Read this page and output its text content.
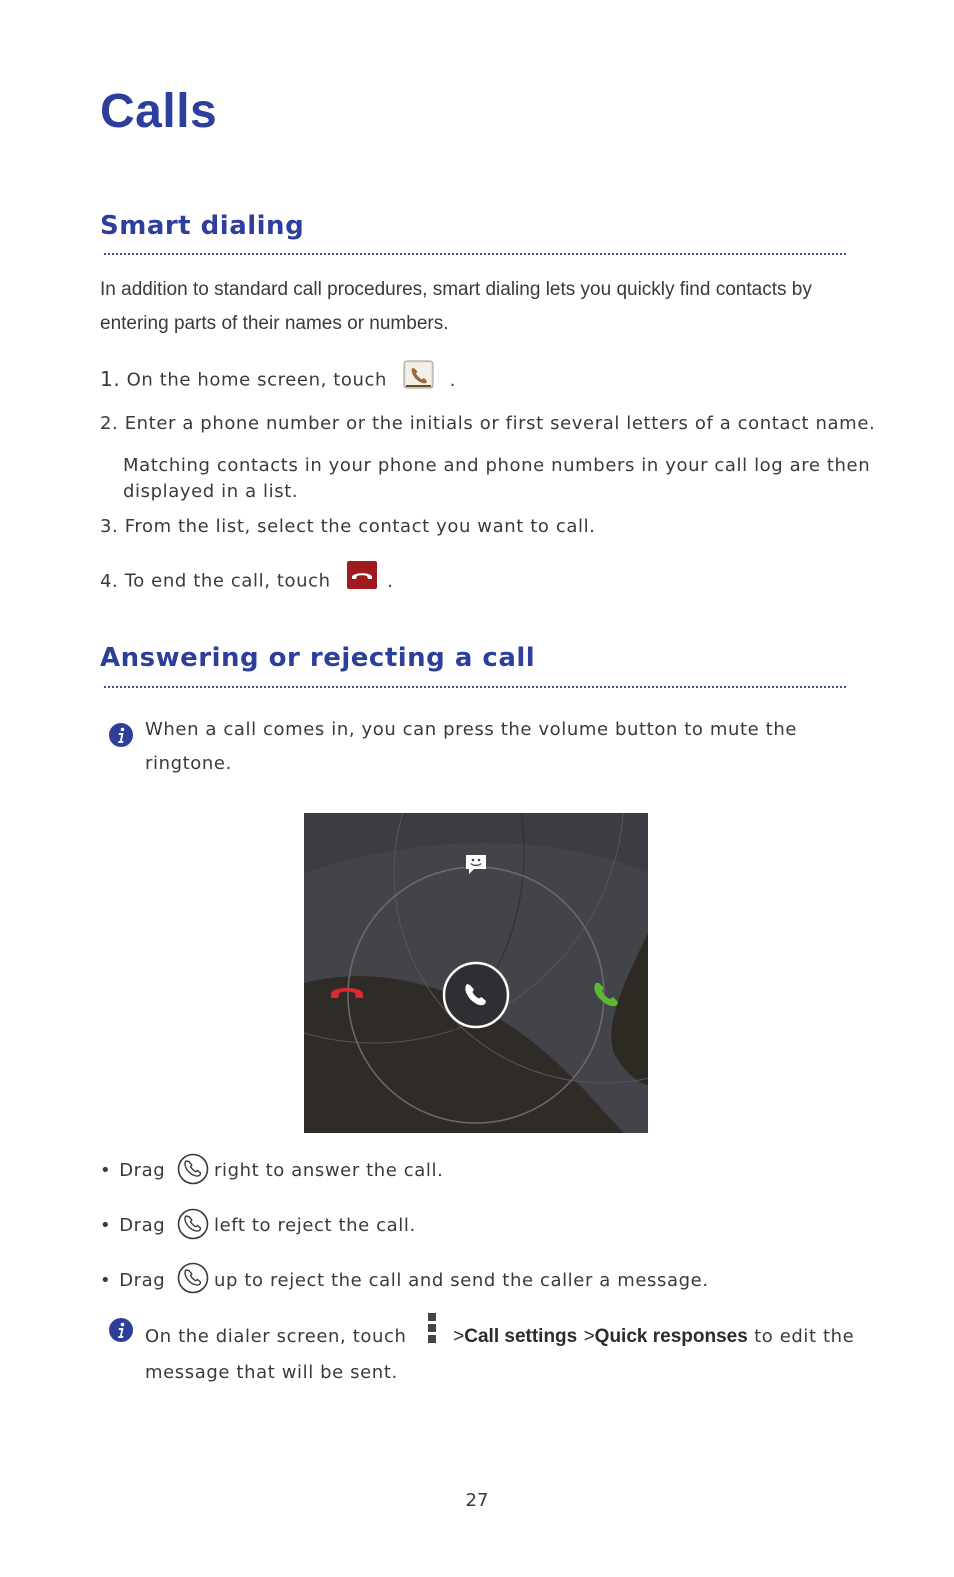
Calls
Smart dialing
In addition to standard call procedures, smart dialing lets you quickly find contacts by
entering parts of their names or numbers.
1. On the home screen, touch	.
2. Enter a phone number or the initials or first several letters of a contact name.
Matching contacts in your phone and phone numbers in your call log are then
displayed in a list.
3. From the list, select the contact you want to call.
4. To end the call, touch	.
Answering or rejecting a call
When a call comes in, you can press the volume button to mute the
ringtone.
• Drag	right to answer the call.
• Drag	left to reject the call.
• Drag	up to reject the call and send the caller a message.
On the dialer screen, touch >Call settings >Quick responses to edit the
message that will be sent.
27
